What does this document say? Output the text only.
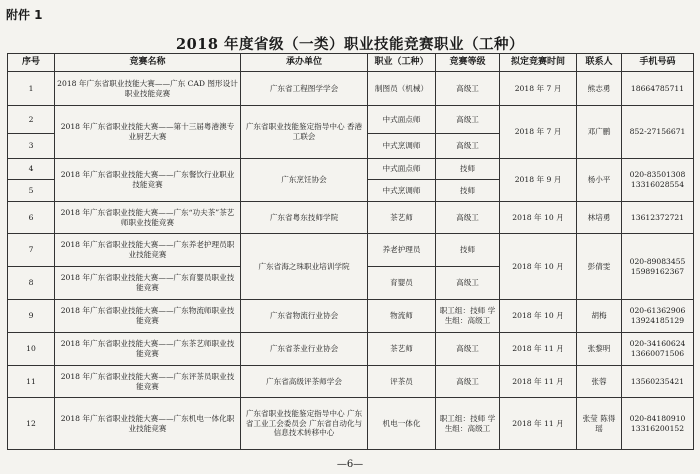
附件 1
2018 年度省级（一类）职业技能竞赛职业（工种）
序号	竞赛名称	承办单位	职业（工种）	竞赛等级	拟定竞赛时间	联系人	手机号码
1	2018 年广东省职业技能大赛——广东 CAD 图形设计职业技能竞赛	广东省工程图学学会	制图员（机械）	高级工	2018 年 7 月	熊志勇	18664785711
2	2018 年广东省职业技能大赛——第十三届粤港澳专业厨艺大赛	广东省职业技能鉴定指导中心 香港工联会	中式面点师	高级工	2018 年 7 月	邓广鹏	852-27156671
3			中式烹调师	高级工			
4	2018 年广东省职业技能大赛——广东餐饮行业职业技能竞赛	广东烹饪协会	中式面点师	技师	2018 年 9 月	杨小平	020-83501308 13316028554
5			中式烹调师	技师			
6	2018 年广东省职业技能大赛——广东“功夫茶”茶艺师职业技能竞赛	广东省粤东技师学院	茶艺师	高级工	2018 年 10 月	林培勇	13612372721
7	2018 年广东省职业技能大赛——广东养老护理员职业技能竞赛	广东省海之珠职业培训学院	养老护理员	技师	2018 年 10 月	彭倩雯	020-89083455 15989162367
8	2018 年广东省职业技能大赛——广东育婴员职业技能竞赛		育婴员	高级工			
9	2018 年广东省职业技能大赛——广东物流师职业技能竞赛	广东省物流行业协会	物流师	职工组：技师 学生组：高级工	2018 年 10 月	胡梅	020-61362906 13924185129
10	2018 年广东省职业技能大赛——广东茶艺师职业技能竞赛	广东省茶业行业协会	茶艺师	高级工	2018 年 11 月	张黎明	020-34160624 13660071506
11	2018 年广东省职业技能大赛——广东评茶员职业技能竞赛	广东省高级评茶师学会	评茶员	高级工	2018 年 11 月	张蓉	13560235421
12	2018 年广东省职业技能大赛——广东机电一体化职业技能竞赛	广东省职业技能鉴定指导中心 广东省工业工会委员会 广东省自动化与信息技术转移中心	机电一体化	职工组：技师 学生组：高级工	2018 年 11 月	张莹 陈得瑶	020-84180910 13316200152
—6—
